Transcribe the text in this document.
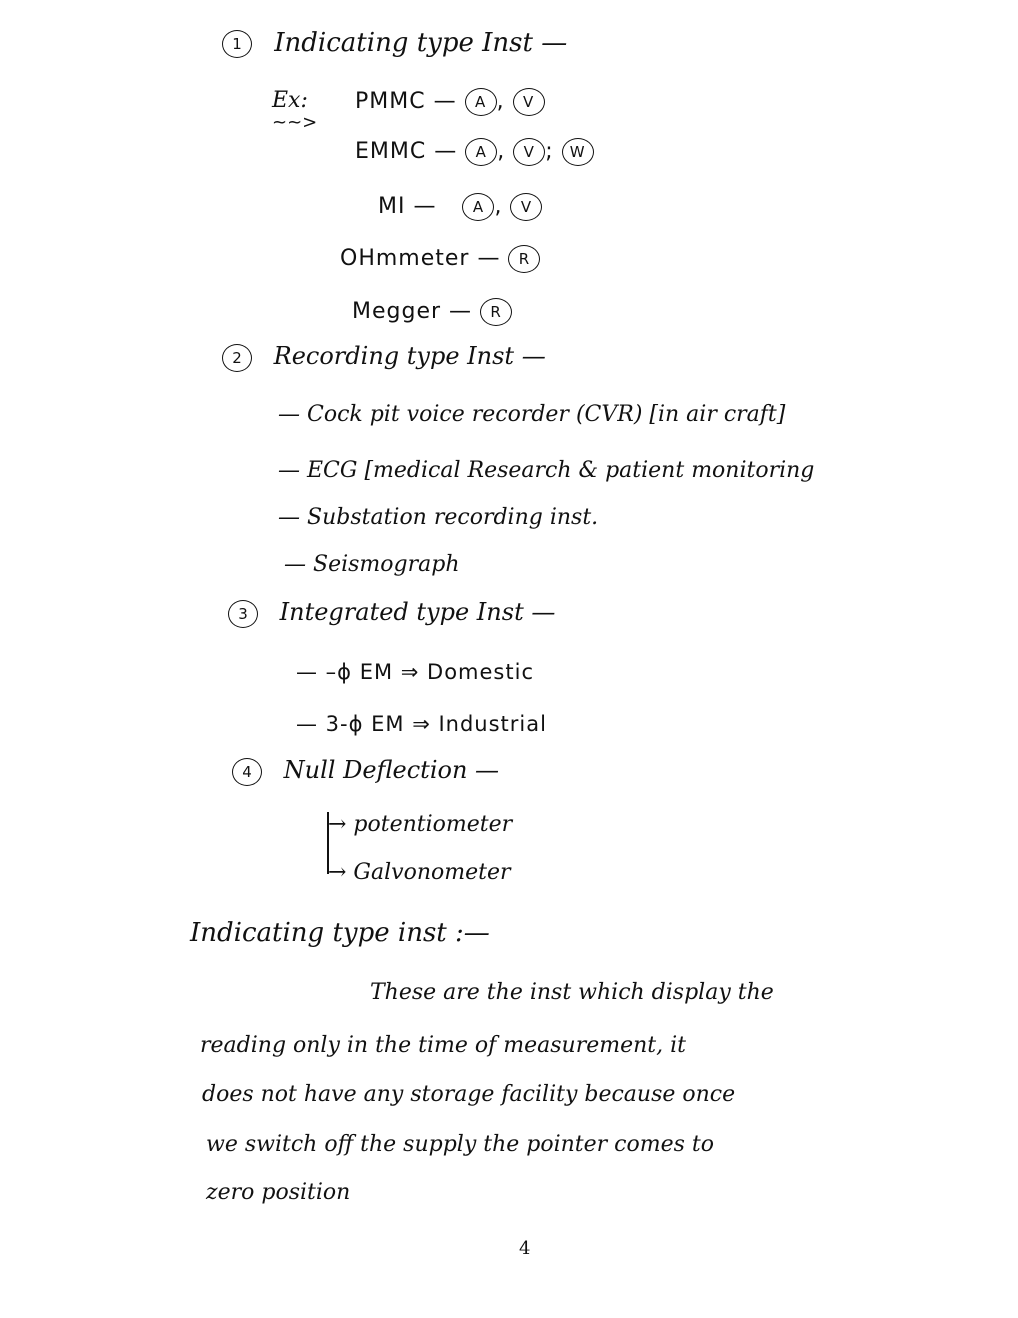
1 Indicating type Inst —
Ex:
~~>
PMMC — A , V
EMMC — A , V ; W
MI — A , V
OHmmeter — R
Megger — R
2 Recording type Inst —
— Cock pit voice recorder (CVR) [in air craft]
— ECG [medical Research & patient monitoring
— Substation recording inst.
— Seismograph
3 Integrated type Inst —
— –ϕ EM ⇒ Domestic
— 3-ϕ EM ⇒ Industrial
4 Null Deflection —
→ potentiometer
→ Galvonometer
Indicating type inst :—
These are the inst which display the
reading only in the time of measurement, it
does not have any storage facility because once
we switch off the supply the pointer comes to
zero position
4
